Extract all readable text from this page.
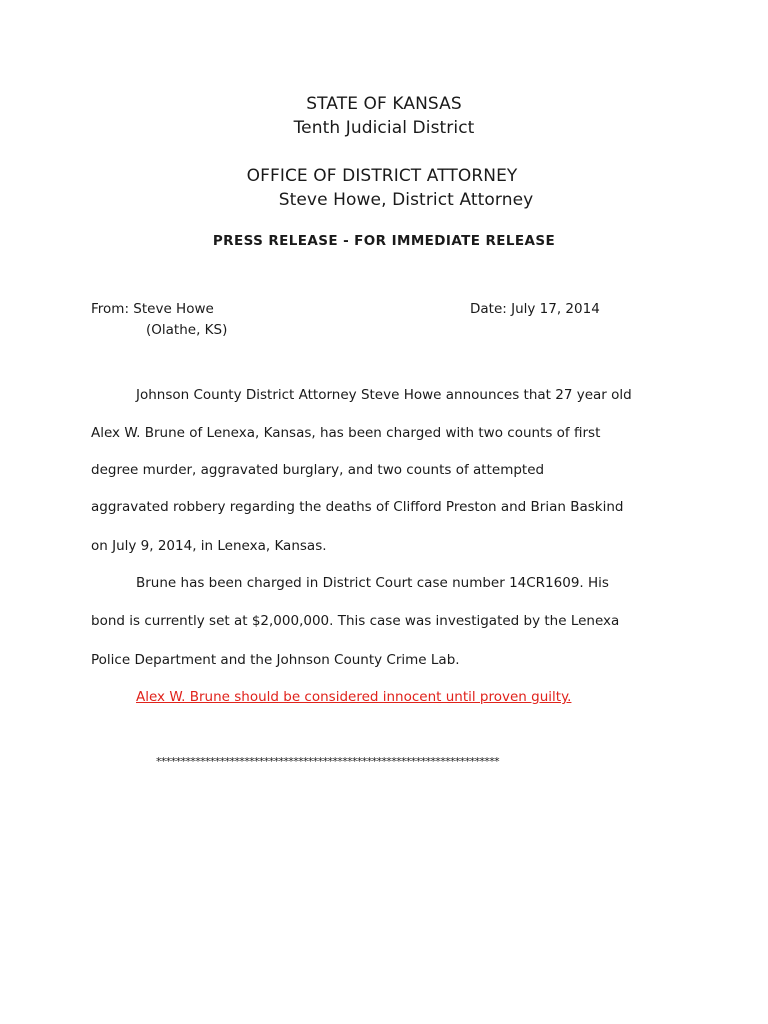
STATE OF KANSAS
Tenth Judicial District
OFFICE OF DISTRICT ATTORNEY
Steve Howe, District Attorney
PRESS RELEASE - FOR IMMEDIATE RELEASE
From: Steve Howe
(Olathe, KS)
Date: July 17, 2014
Johnson County District Attorney Steve Howe announces that 27 year old
Alex W. Brune of Lenexa, Kansas, has been charged with two counts of first
degree murder, aggravated burglary, and two counts of attempted
aggravated robbery regarding the deaths of Clifford Preston and Brian Baskind
on July 9, 2014, in Lenexa, Kansas.
Brune has been charged in District Court case number 14CR1609. His
bond is currently set at $2,000,000. This case was investigated by the Lenexa
Police Department and the Johnson County Crime Lab.
Alex W. Brune should be considered innocent until proven guilty.
**********************************************************************
